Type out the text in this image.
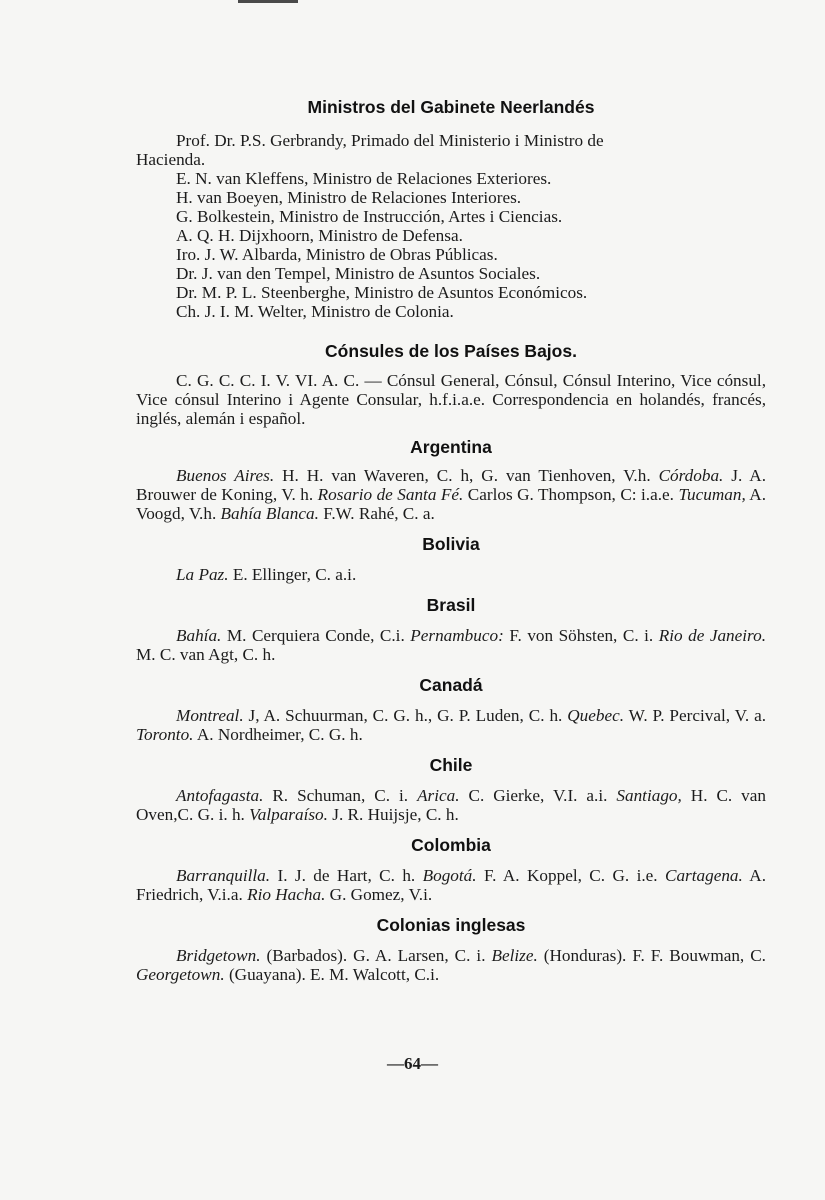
Ministros del Gabinete Neerlandés
Prof. Dr. P.S. Gerbrandy, Primado del Ministerio i Ministro de
Hacienda.
E. N. van Kleffens, Ministro de Relaciones Exteriores.
H. van Boeyen, Ministro de Relaciones Interiores.
G. Bolkestein, Ministro de Instrucción, Artes i Ciencias.
A. Q. H. Dijxhoorn, Ministro de Defensa.
Iro. J. W. Albarda, Ministro de Obras Públicas.
Dr. J. van den Tempel, Ministro de Asuntos Sociales.
Dr. M. P. L. Steenberghe, Ministro de Asuntos Económicos.
Ch. J. I. M. Welter, Ministro de Colonia.
Cónsules de los Países Bajos.

C. G. C. C. I. V. VI. A. C. — Cónsul General, Cónsul, Cónsul Interino, Vice cónsul, Vice cónsul Interino i Agente Consular, h.f.i.a.e. Correspondencia en holandés, francés, inglés, alemán i español.

Argentina

Buenos Aires. H. H. van Waveren, C. h, G. van Tienhoven, V.h. Córdoba. J. A. Brouwer de Koning, V. h. Rosario de Santa Fé. Carlos G. Thompson, C: i.a.e. Tucuman, A. Voogd, V.h. Bahía Blanca. F.W. Rahé, C. a.

Bolivia

La Paz. E. Ellinger, C. a.i.

Brasil

Bahía. M. Cerquiera Conde, C.i. Pernambuco: F. von Söhsten, C. i. Rio de Janeiro. M. C. van Agt, C. h.

Canadá

Montreal. J, A. Schuurman, C. G. h., G. P. Luden, C. h. Quebec. W. P. Percival, V. a. Toronto. A. Nordheimer, C. G. h.

Chile

Antofagasta. R. Schuman, C. i. Arica. C. Gierke, V.I. a.i. Santiago, H. C. van Oven,C. G. i. h. Valparaíso. J. R. Huijsje, C. h.

Colombia

Barranquilla. I. J. de Hart, C. h. Bogotá. F. A. Koppel, C. G. i.e. Cartagena. A. Friedrich, V.i.a. Rio Hacha. G. Gomez, V.i.

Colonias inglesas

Bridgetown. (Barbados). G. A. Larsen, C. i. Belize. (Honduras). F. F. Bouwman, C. Georgetown. (Guayana). E. M. Walcott, C.i.

—64—
